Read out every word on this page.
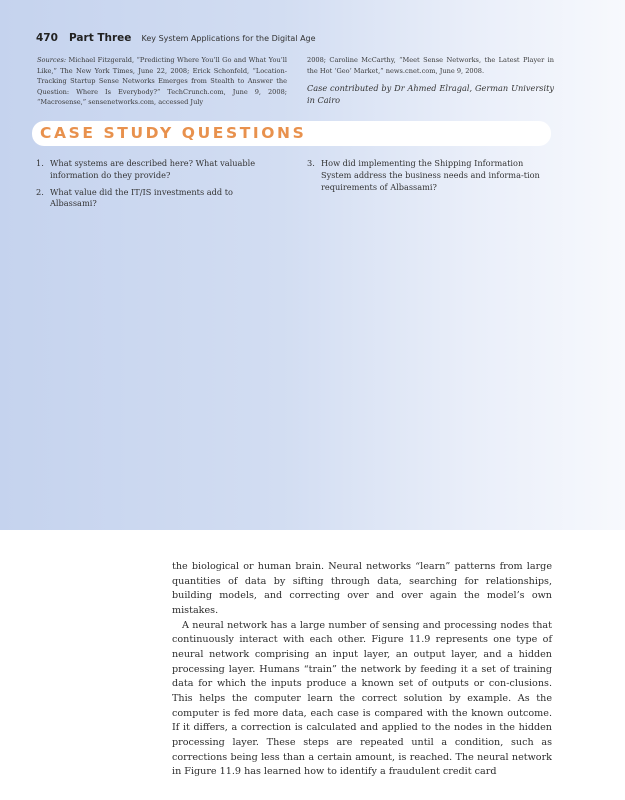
470 Part Three Key System Applications for the Digital Age
Sources: Michael Fitzgerald, “Predicting Where You’ll Go and What You’ll Like,” The New York Times, June 22, 2008; Erick Schonfeld, “Location-Tracking Startup Sense Networks Emerges from Stealth to Answer the Question: Where Is Everybody?” TechCrunch.com, June 9, 2008; “Macrosense,” sensenetworks.com, accessed July
2008; Caroline McCarthy, “Meet Sense Networks, the Latest Player in the Hot ‘Geo’ Market,” news.cnet.com, June 9, 2008.
Case contributed by Dr Ahmed Elragal, German University in Cairo
CASE STUDY QUESTIONS
1. What systems are described here? What valuable information do they provide?
2. What value did the IT/IS investments add to Albassami?
3. How did implementing the Shipping Information System address the business needs and informa-tion requirements of Albassami?

the biological or human brain. Neural networks “learn” patterns from large quantities of data by sifting through data, searching for relationships, building models, and correcting over and over again the model’s own mistakes.

A neural network has a large number of sensing and processing nodes that continuously interact with each other. Figure 11.9 represents one type of neural network comprising an input layer, an output layer, and a hidden processing layer. Humans “train” the network by feeding it a set of training data for which the inputs produce a known set of outputs or con-clusions. This helps the computer learn the correct solution by example. As the computer is fed more data, each case is compared with the known outcome. If it differs, a correction is calculated and applied to the nodes in the hidden processing layer. These steps are repeated until a condition, such as corrections being less than a certain amount, is reached. The neural network in Figure 11.9 has learned how to identify a fraudulent credit card
